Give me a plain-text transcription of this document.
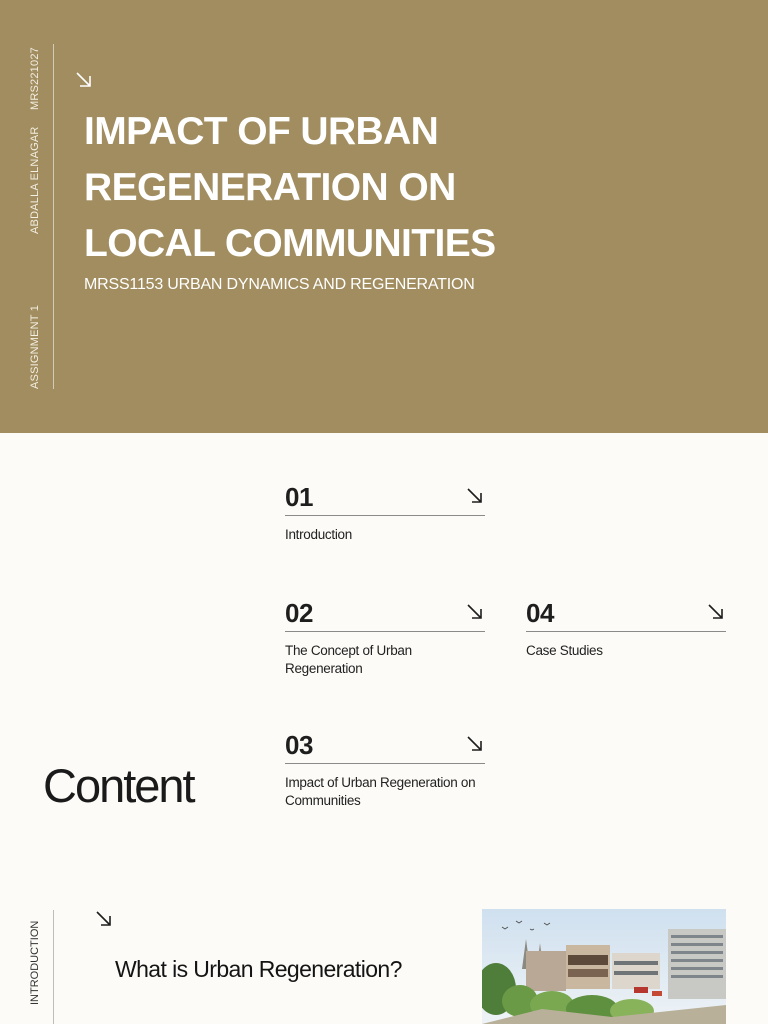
MRS221027
ABDALLA ELNAGAR
ASSIGNMENT 1
IMPACT OF URBAN
REGENERATION ON
LOCAL COMMUNITIES
MRSS1153 URBAN DYNAMICS AND REGENERATION
01
Introduction
02
The Concept of Urban Regeneration
03
Impact of Urban Regeneration on Communities
04
Case Studies
Content
INTRODUCTION	What is Urban Regeneration?
